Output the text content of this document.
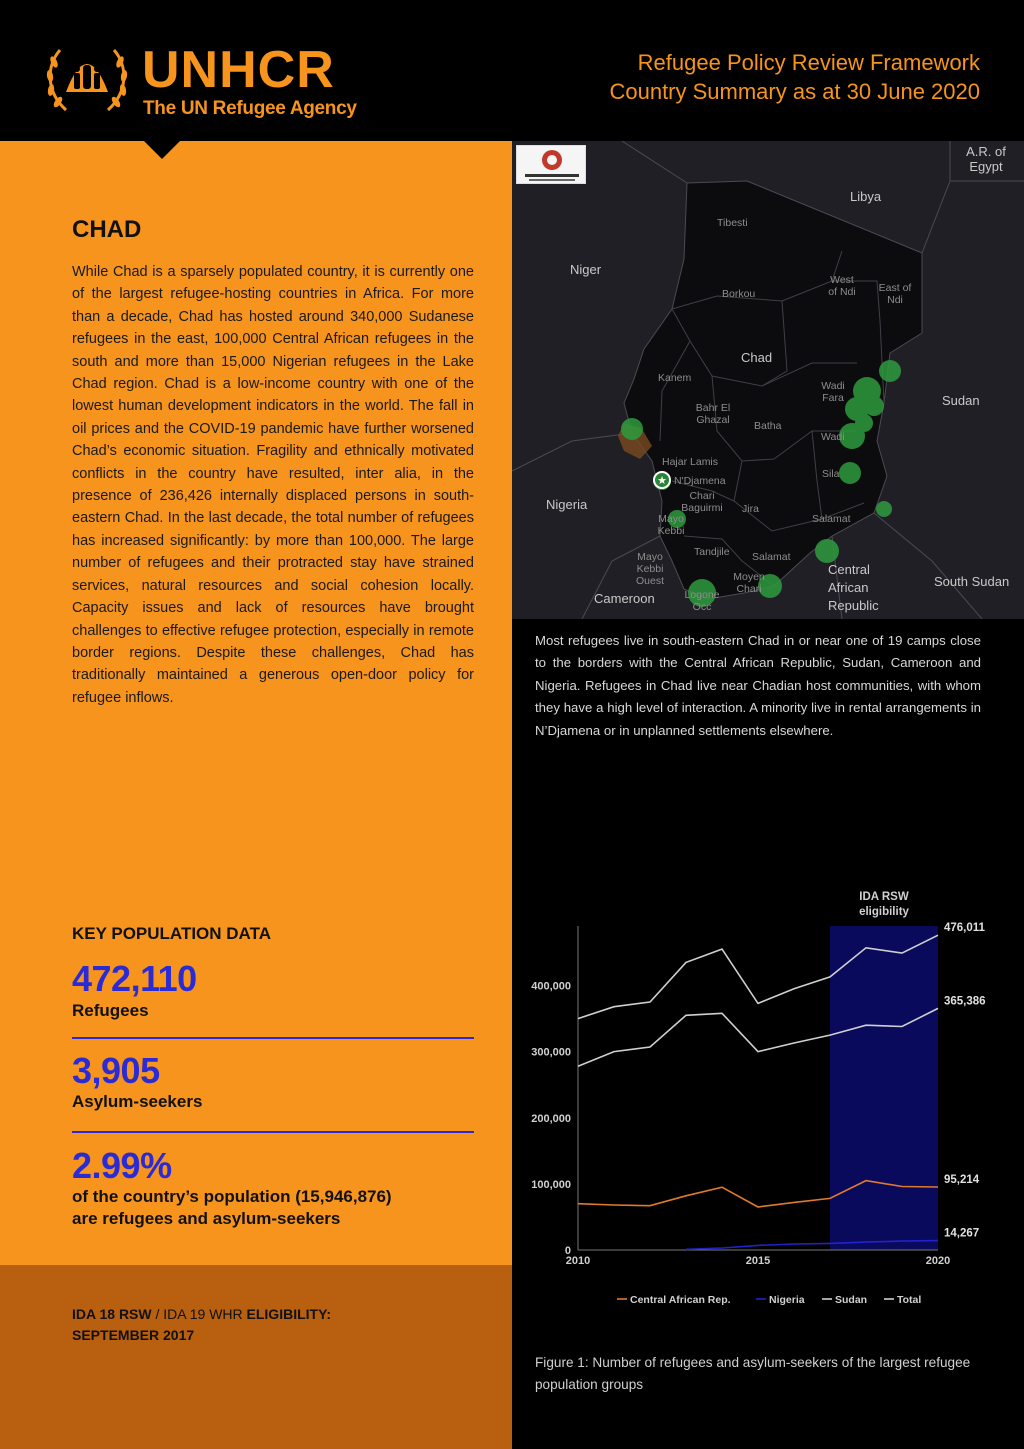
UNHCR
The UN Refugee Agency
Refugee Policy Review Framework
Country Summary as at 30 June 2020
CHAD

While Chad is a sparsely populated country, it is currently one of the largest refugee-hosting countries in Africa. For more than a decade, Chad has hosted around 340,000 Sudanese refugees in the east, 100,000 Central African refugees in the south and more than 15,000 Nigerian refugees in the Lake Chad region. Chad is a low-income country with one of the lowest human development indicators in the world. The fall in oil prices and the COVID-19 pandemic have further worsened Chad’s economic situation. Fragility and ethnically motivated conflicts in the country have resulted, inter alia, in the presence of 236,426 internally displaced persons in south-eastern Chad. In the last decade, the total number of refugees has increased significantly: by more than 100,000. The large number of refugees and their protracted stay have strained services, natural resources and social cohesion locally. Capacity issues and lack of resources have brought challenges to effective refugee protection, especially in remote border regions. Despite these challenges, Chad has traditionally maintained a generous open-door policy for refugee inflows.

KEY POPULATION DATA
472,110
Refugees
3,905
Asylum-seekers
2.99%
of the country’s population (15,946,876)
are refugees and asylum-seekers
IDA 18 RSW / IDA 19 WHR ELIGIBILITY:
SEPTEMBER 2017
★
A.R. of Egypt
Libya
Niger
Tibesti
Borkou
West of Ndi	East of Ndi
Chad
Kanem
Bahr El Ghazal	Batha
Wadi Fara
Wadi
Sila
Sudan
Hajar Lamis
N'Djamena
Chari Baguirmi	Jira
Salamat
Nigeria
Mayo Kebbi
Mayo Kebbi Ouest
Tandjile Salamat
Moyen Chari
Logone Occ
Cameroon
Central African Republic
South Sudan

Most refugees live in south-eastern Chad in or near one of 19 camps close to the borders with the Central African Republic, Sudan, Cameroon and Nigeria. Refugees in Chad live near Chadian host communities, with whom they have a high level of interaction. A minority live in rental arrangements in N’Djamena or in unplanned settlements elsewhere.

IDA RSW
eligibility
0
100,000
200,000
300,000
400,000
2010	2015	2020
95,214
14,267
365,386
476,011
Central African Rep.	Nigeria	Sudan	Total

Figure 1: Number of refugees and asylum-seekers of the largest refugee population groups
